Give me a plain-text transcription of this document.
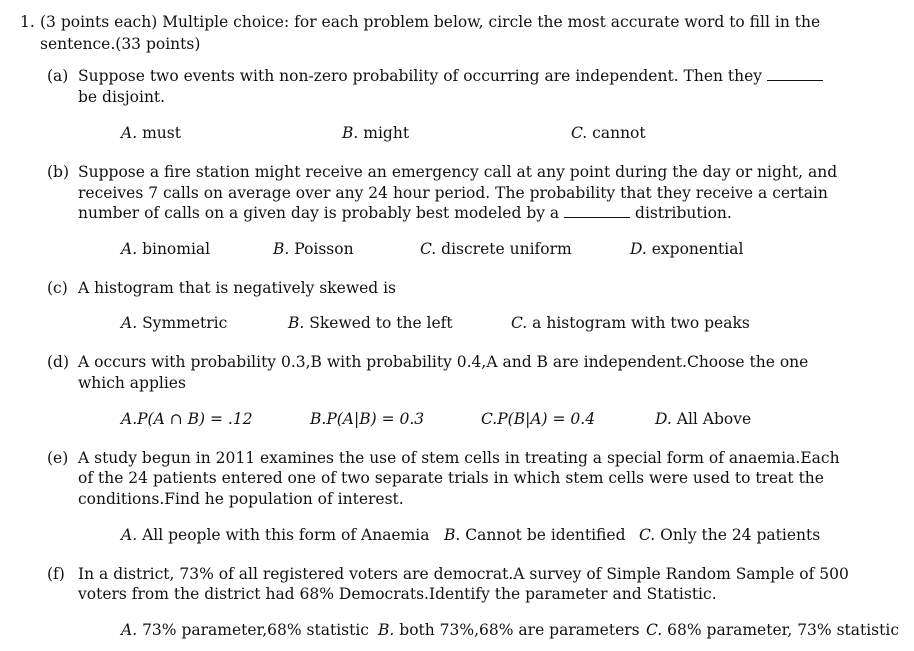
1. (3 points each) Multiple choice: for each problem below, circle the most accurate word to fill in the
sentence.(33 points)
(a) Suppose two events with non-zero probability of occurring are independent. Then they
be disjoint.
A. must	B. might	C. cannot
(b) Suppose a fire station might receive an emergency call at any point during the day or night, and
receives 7 calls on average over any 24 hour period. The probability that they receive a certain
number of calls on a given day is probably best modeled by a	distribution.
A. binomial	B. Poisson	C. discrete uniform	D. exponential
(c) A histogram that is negatively skewed is
A. Symmetric	B. Skewed to the left	C. a histogram with two peaks
(d) A occurs with probability 0.3,B with probability 0.4,A and B are independent.Choose the one
which applies
A.P(A ∩ B) = .12	B.P(A|B) = 0.3	C.P(B|A) = 0.4	D. All Above
(e) A study begun in 2011 examines the use of stem cells in treating a special form of anaemia.Each
of the 24 patients entered one of two separate trials in which stem cells were used to treat the
conditions.Find he population of interest.
A. All people with this form of Anaemia B. Cannot be identified C. Only the 24 patients
(f) In a district, 73% of all registered voters are democrat.A survey of Simple Random Sample of 500
voters from the district had 68% Democrats.Identify the parameter and Statistic.
A. 73% parameter,68% statistic B. both 73%,68% are parameters C. 68% parameter, 73% statistic
